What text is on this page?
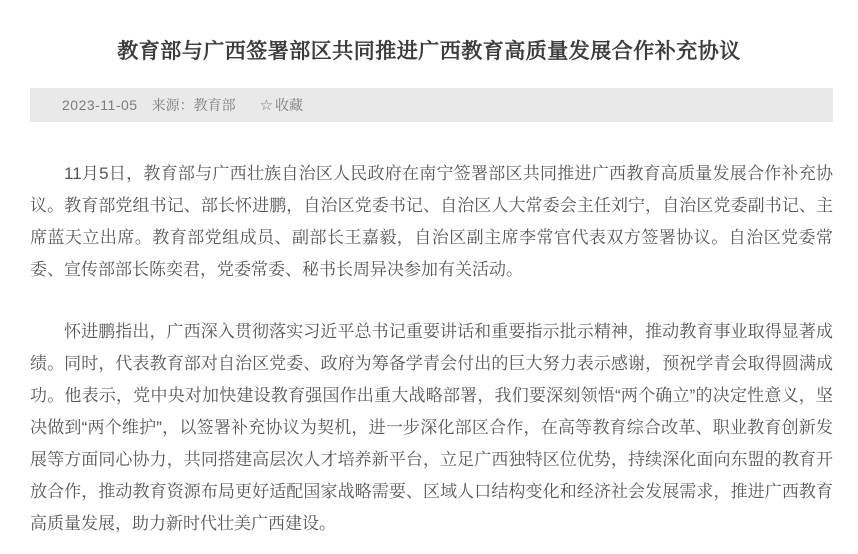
教育部与广西签署部区共同推进广西教育高质量发展合作补充协议
2023-11-05 来源：教育部 ☆ 收藏

11月5日，教育部与广西壮族自治区人民政府在南宁签署部区共同推进广西教育高质量发展合作补充协议。教育部党组书记、部长怀进鹏，自治区党委书记、自治区人大常委会主任刘宁，自治区党委副书记、主席蓝天立出席。教育部党组成员、副部长王嘉毅，自治区副主席李常官代表双方签署协议。自治区党委常委、宣传部部长陈奕君，党委常委、秘书长周异决参加有关活动。

怀进鹏指出，广西深入贯彻落实习近平总书记重要讲话和重要指示批示精神，推动教育事业取得显著成绩。同时，代表教育部对自治区党委、政府为筹备学青会付出的巨大努力表示感谢，预祝学青会取得圆满成功。他表示，党中央对加快建设教育强国作出重大战略部署，我们要深刻领悟“两个确立”的决定性意义，坚决做到“两个维护”，以签署补充协议为契机，进一步深化部区合作，在高等教育综合改革、职业教育创新发展等方面同心协力，共同搭建高层次人才培养新平台，立足广西独特区位优势，持续深化面向东盟的教育开放合作，推动教育资源布局更好适配国家战略需要、区域人口结构变化和经济社会发展需求，推进广西教育高质量发展，助力新时代壮美广西建设。
